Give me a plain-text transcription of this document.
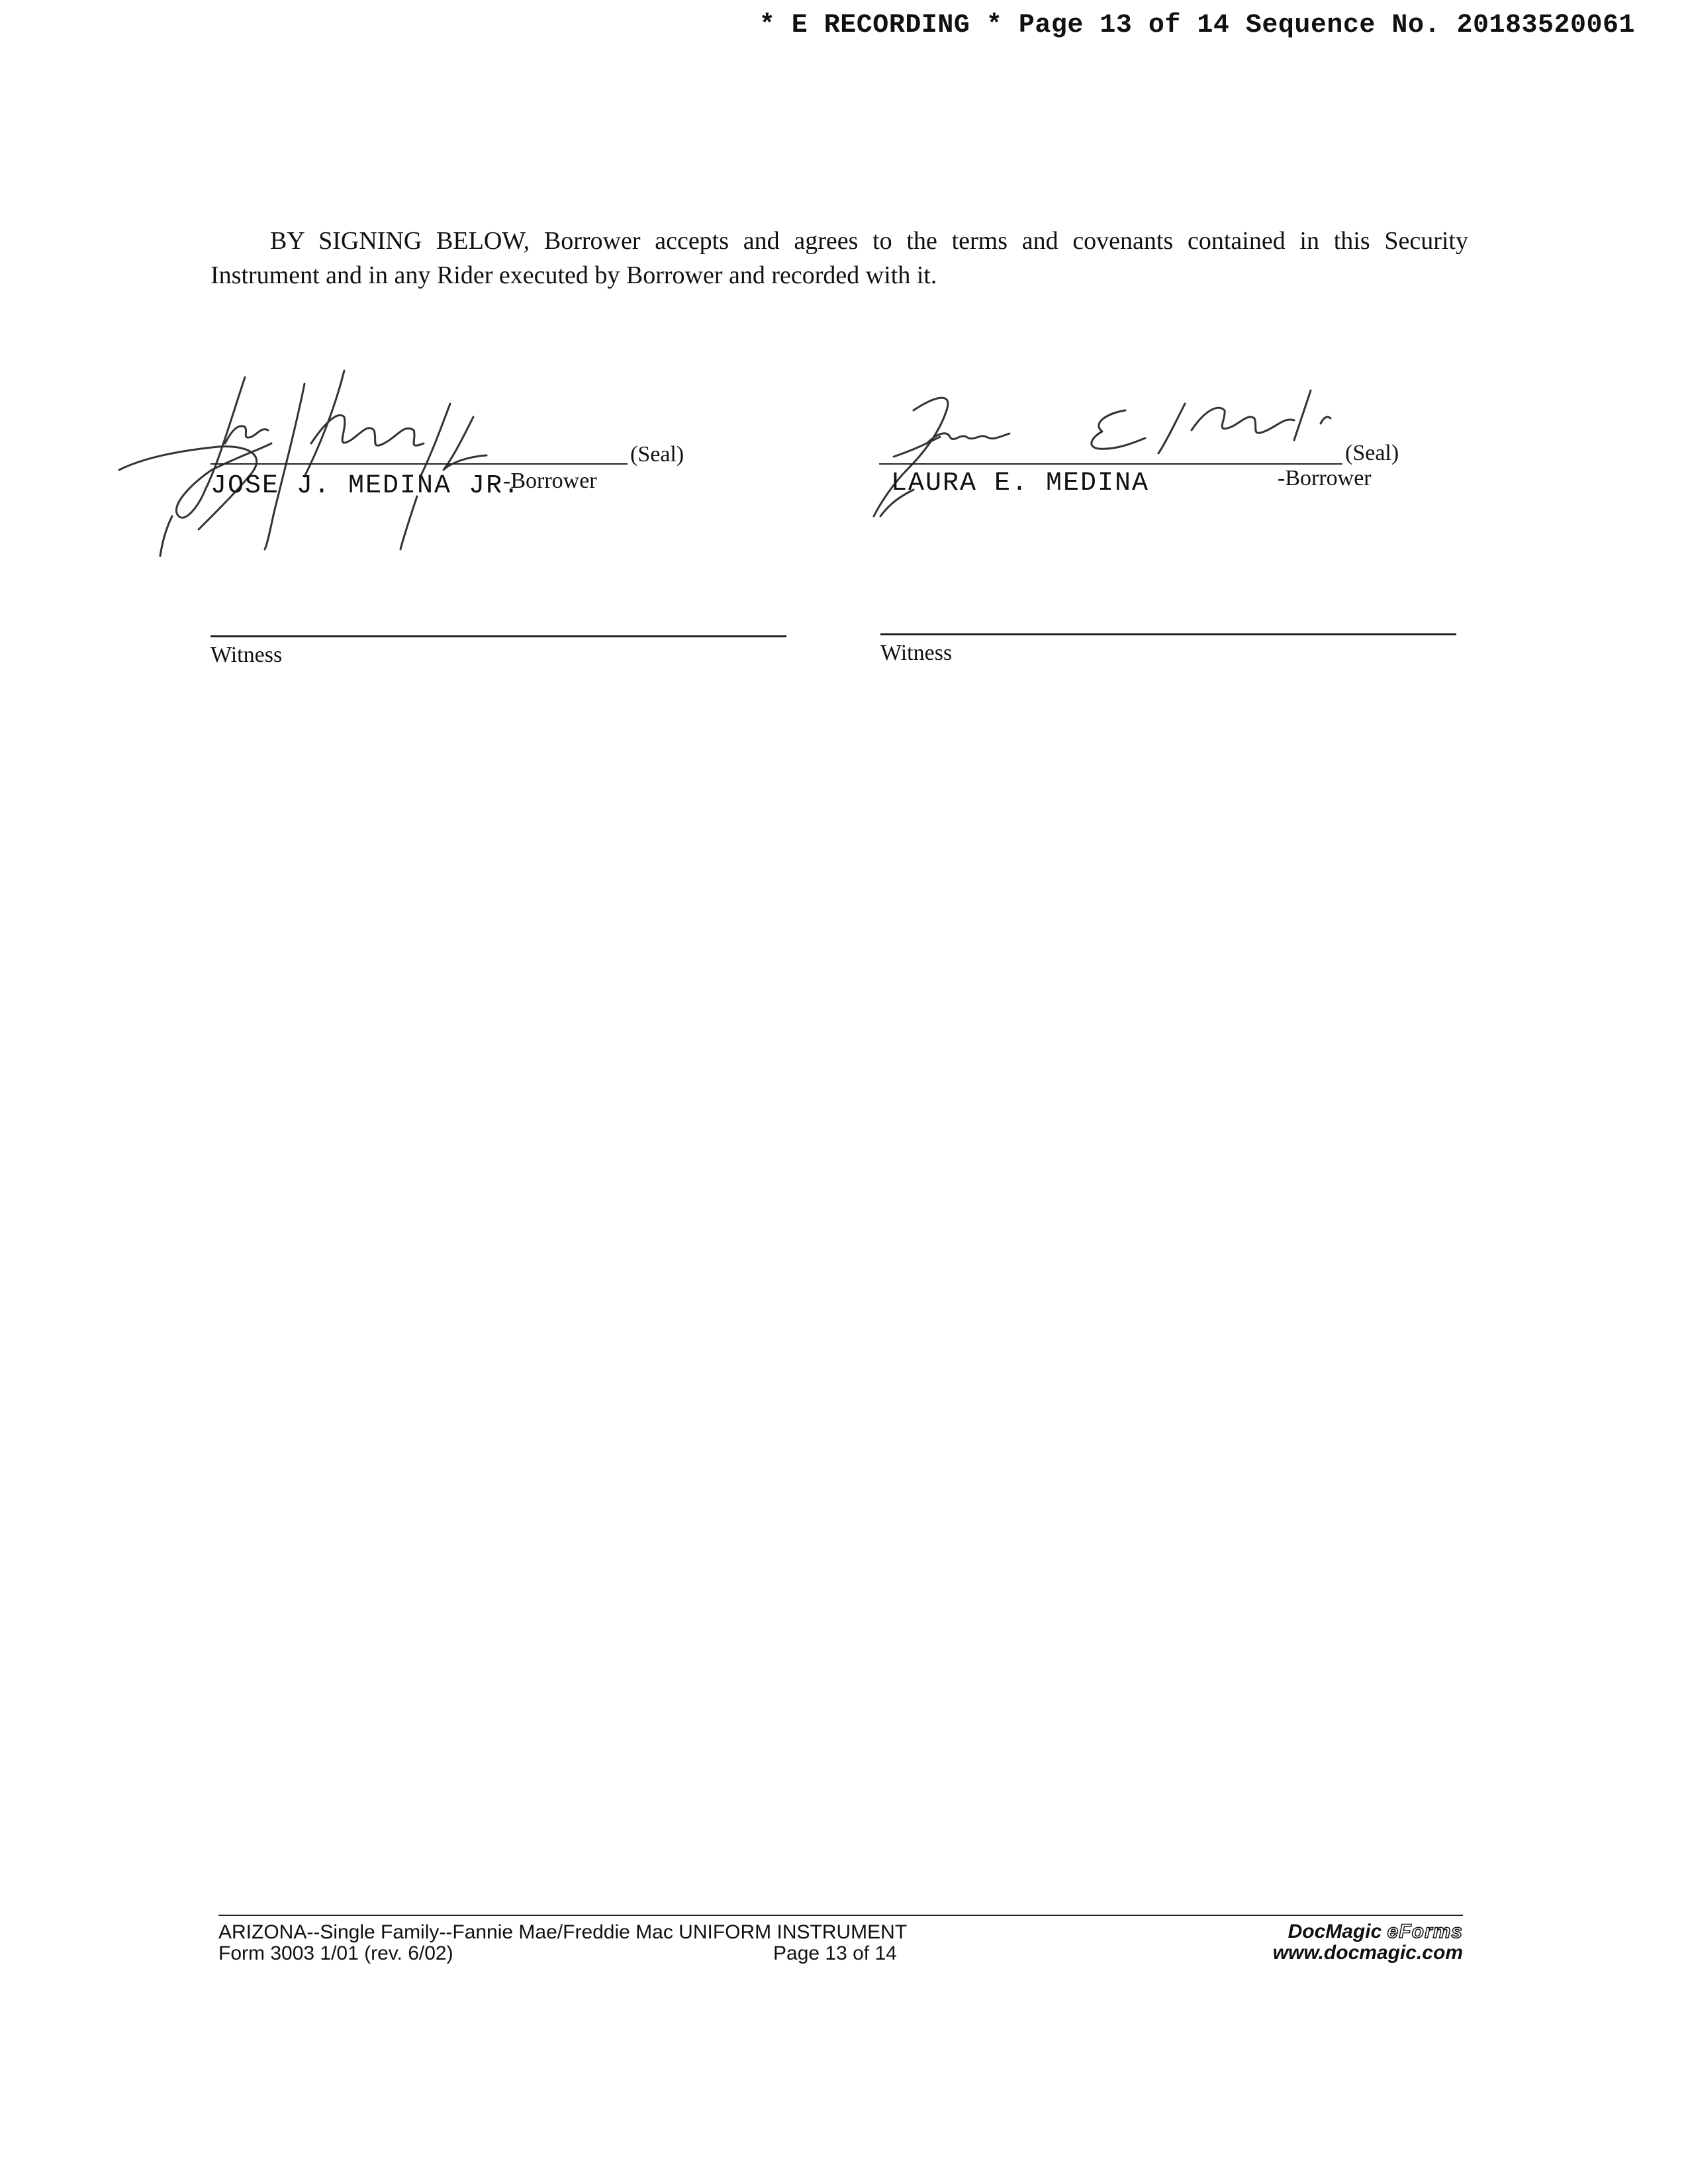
* E RECORDING * Page 13 of 14 Sequence No. 20183520061
BY SIGNING BELOW, Borrower accepts and agrees to the terms and covenants contained in this Security
Instrument and in any Rider executed by Borrower and recorded with it.
(Seal)
JOSE J. MEDINA JR.
-Borrower
(Seal)
LAURA E. MEDINA	-Borrower
Witness	Witness
ARIZONA--Single Family--Fannie Mae/Freddie Mac UNIFORM INSTRUMENT
Form 3003 1/01 (rev. 6/02)	Page 13 of 14
DocMagic eForms
www.docmagic.com
